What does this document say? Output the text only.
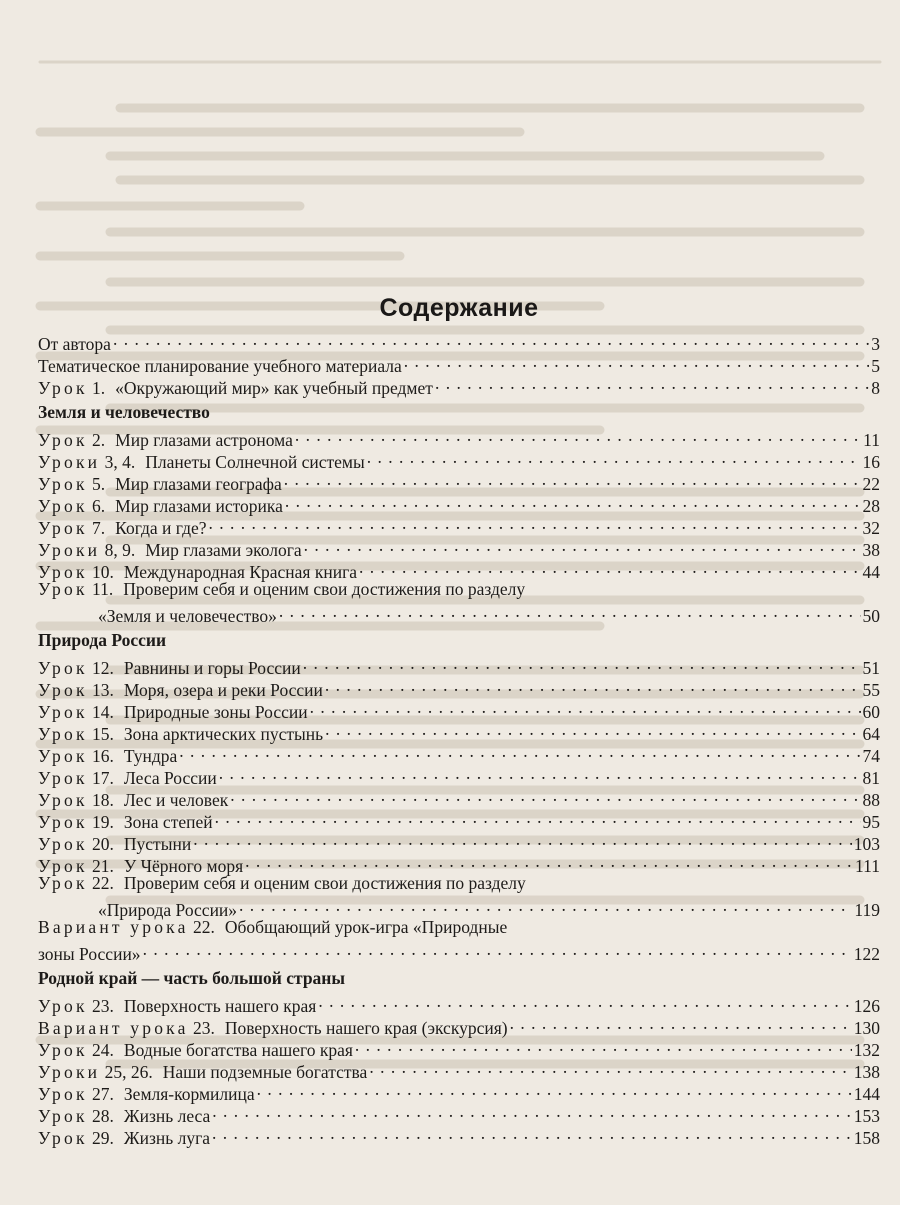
Содержание
От автора . . .	3
Тематическое планирование учебного материала . . .	5
Урок 1. «Окружающий мир» как учебный предмет . . .	8
Земля и человечество
Урок 2. Мир глазами астронома . . .	11
Уроки 3, 4. Планеты Солнечной системы . . .	16
Урок 5. Мир глазами географа . . .	22
Урок 6. Мир глазами историка . . .	28
Урок 7. Когда и где? . . .	32
Уроки 8, 9. Мир глазами эколога . . .	38
Урок 10. Международная Красная книга . . .	44
Урок 11. Проверим себя и оценим свои достижения по разделу
«Земля и человечество» . . .	50
Природа России
Урок 12. Равнины и горы России . . .	51
Урок 13. Моря, озера и реки России . . .	55
Урок 14. Природные зоны России . . .	60
Урок 15. Зона арктических пустынь . . .	64
Урок 16. Тундра . . .	74
Урок 17. Леса России . . .	81
Урок 18. Лес и человек . . .	88
Урок 19. Зона степей . . .	95
Урок 20. Пустыни . . .	103
Урок 21. У Чёрного моря . . .	111
Урок 22. Проверим себя и оценим свои достижения по разделу
«Природа России» . . .	119
Вариант урока 22. Обобщающий урок-игра «Природные
зоны России» . . .	122
Родной край — часть большой страны
Урок 23. Поверхность нашего края . . .	126
Вариант урока 23. Поверхность нашего края (экскурсия) . . .	130
Урок 24. Водные богатства нашего края . . .	132
Уроки 25, 26. Наши подземные богатства . . .	138
Урок 27. Земля-кормилица . . .	144
Урок 28. Жизнь леса . . .	153
Урок 29. Жизнь луга . . .	158
